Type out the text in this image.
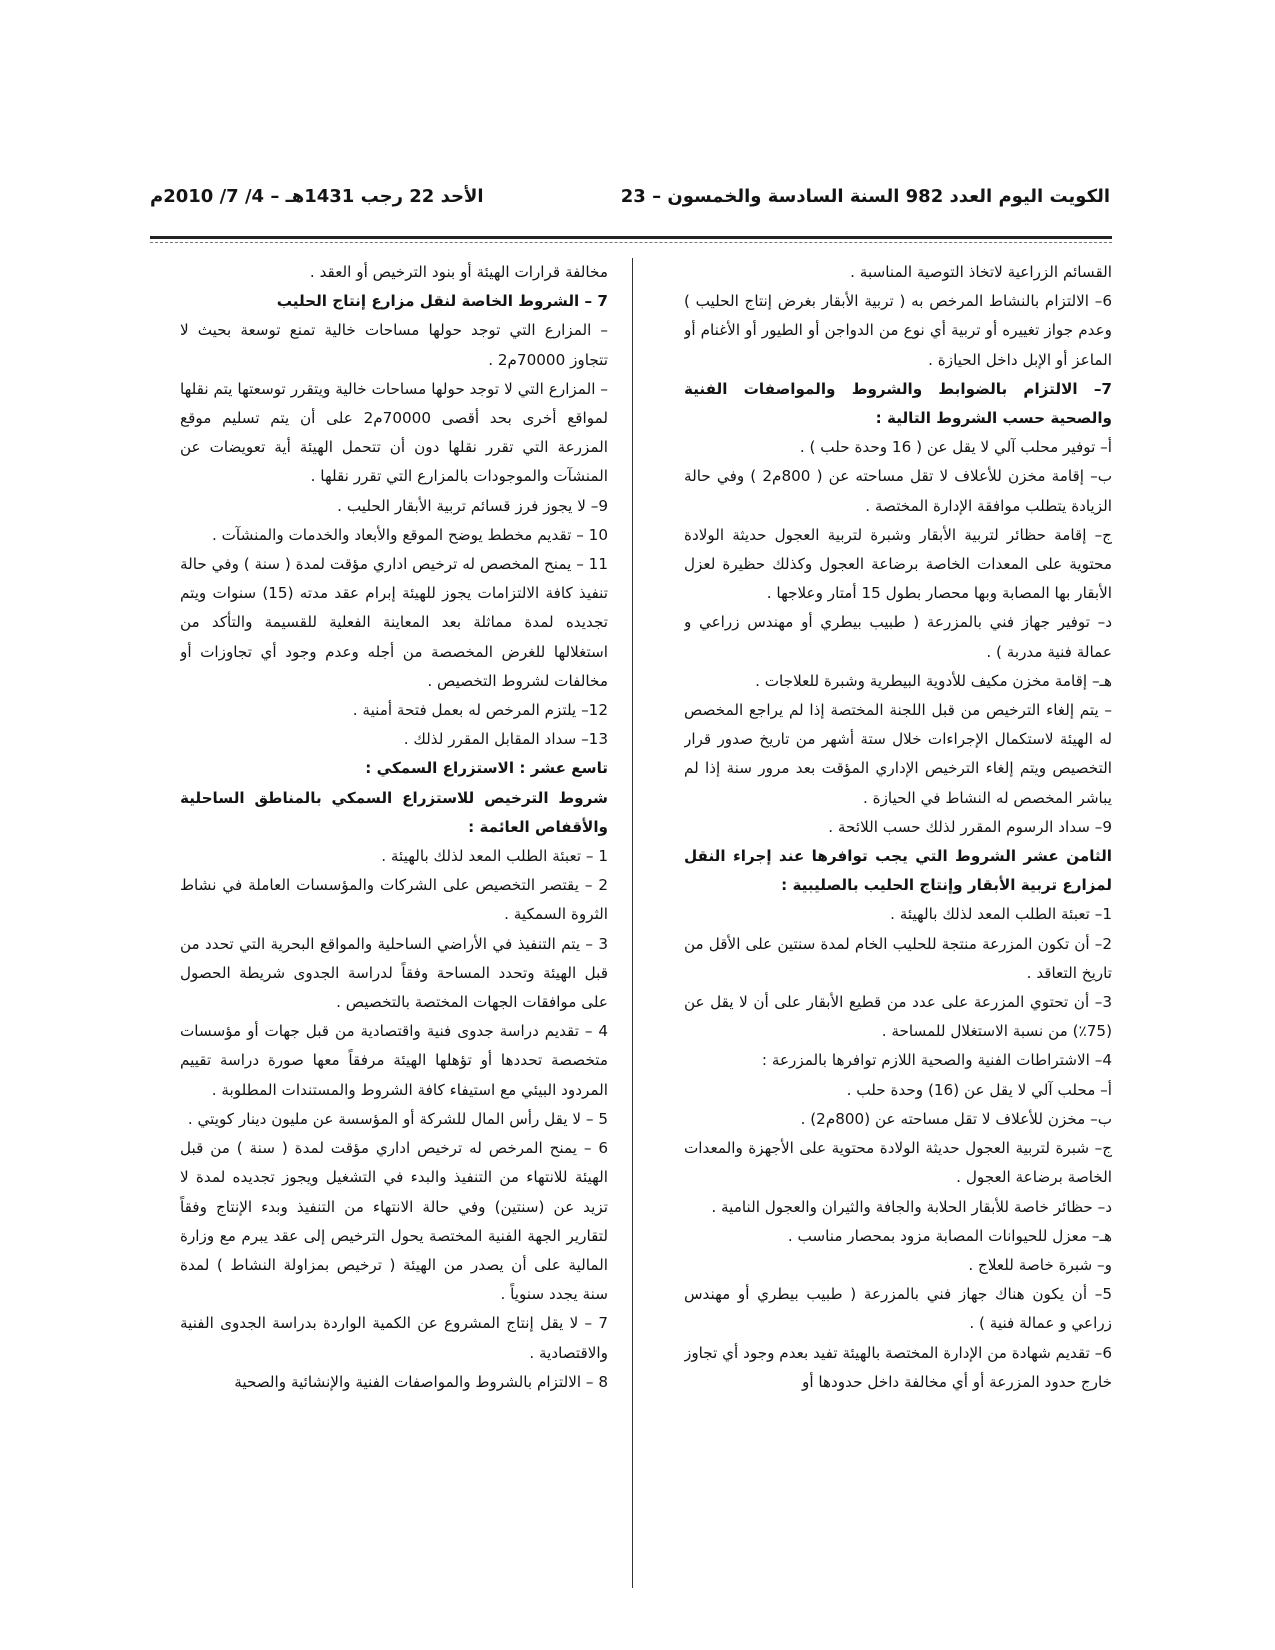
الكويت اليوم العدد 982 السنة السادسة والخمسون – 23
الأحد 22 رجب 1431هـ – 4/ 7/ 2010م

القسائم الزراعية لاتخاذ التوصية المناسبة .

6– الالتزام بالنشاط المرخص به ( تربية الأبقار بغرض إنتاج الحليب ) وعدم جواز تغييره أو تربية أي نوع من الدواجن أو الطيور أو الأغنام أو الماعز أو الإبل داخل الحيازة .

7– الالتزام بالضوابط والشروط والمواصفات الفنية والصحية حسب الشروط التالية :

أ– توفير محلب آلي لا يقل عن ( 16 وحدة حلب ) .

ب– إقامة مخزن للأعلاف لا تقل مساحته عن ( 800م2 ) وفي حالة الزيادة يتطلب موافقة الإدارة المختصة .

ج– إقامة حظائر لتربية الأبقار وشبرة لتربية العجول حديثة الولادة محتوية على المعدات الخاصة برضاعة العجول وكذلك حظيرة لعزل الأبقار بها المصابة وبها محصار بطول 15 أمتار وعلاجها .

د– توفير جهاز فني بالمزرعة ( طبيب بيطري أو مهندس زراعي و عمالة فنية مدربة ) .

هـ– إقامة مخزن مكيف للأدوية البيطرية وشبرة للعلاجات .

– يتم إلغاء الترخيص من قبل اللجنة المختصة إذا لم يراجع المخصص له الهيئة لاستكمال الإجراءات خلال ستة أشهر من تاريخ صدور قرار التخصيص ويتم إلغاء الترخيص الإداري المؤقت بعد مرور سنة إذا لم يباشر المخصص له النشاط في الحيازة .

9– سداد الرسوم المقرر لذلك حسب اللائحة .

الثامن عشر الشروط التي يجب توافرها عند إجراء النقل لمزارع تربية الأبقار وإنتاج الحليب بالصليبية :

1– تعبئة الطلب المعد لذلك بالهيئة .

2– أن تكون المزرعة منتجة للحليب الخام لمدة سنتين على الأقل من تاريخ التعاقد .

3– أن تحتوي المزرعة على عدد من قطيع الأبقار على أن لا يقل عن (75٪) من نسبة الاستغلال للمساحة .

4– الاشتراطات الفنية والصحية اللازم توافرها بالمزرعة :

أ– محلب آلي لا يقل عن (16) وحدة حلب .

ب– مخزن للأعلاف لا تقل مساحته عن (800م2) .

ج– شبرة لتربية العجول حديثة الولادة محتوية على الأجهزة والمعدات الخاصة برضاعة العجول .

د– حظائر خاصة للأبقار الحلابة والجافة والثيران والعجول النامية .

هـ– معزل للحيوانات المصابة مزود بمحصار مناسب .

و– شبرة خاصة للعلاج .

5– أن يكون هناك جهاز فني بالمزرعة ( طبيب بيطري أو مهندس زراعي و عمالة فنية ) .

6– تقديم شهادة من الإدارة المختصة بالهيئة تفيد بعدم وجود أي تجاوز خارج حدود المزرعة أو أي مخالفة داخل حدودها أو

مخالفة قرارات الهيئة أو بنود الترخيص أو العقد .

7 – الشروط الخاصة لنقل مزارع إنتاج الحليب

– المزارع التي توجد حولها مساحات خالية تمنع توسعة بحيث لا تتجاوز 70000م2 .

– المزارع التي لا توجد حولها مساحات خالية ويتقرر توسعتها يتم نقلها لمواقع أخرى بحد أقصى 70000م2 على أن يتم تسليم موقع المزرعة التي تقرر نقلها دون أن تتحمل الهيئة أية تعويضات عن المنشآت والموجودات بالمزارع التي تقرر نقلها .

9– لا يجوز فرز قسائم تربية الأبقار الحليب .

10 – تقديم مخطط يوضح الموقع والأبعاد والخدمات والمنشآت .

11 – يمنح المخصص له ترخيص اداري مؤقت لمدة ( سنة ) وفي حالة تنفيذ كافة الالتزامات يجوز للهيئة إبرام عقد مدته (15) سنوات ويتم تجديده لمدة مماثلة بعد المعاينة الفعلية للقسيمة والتأكد من استغلالها للغرض المخصصة من أجله وعدم وجود أي تجاوزات أو مخالفات لشروط التخصيص .

12– يلتزم المرخص له بعمل فتحة أمنية .

13– سداد المقابل المقرر لذلك .

تاسع عشر : الاستزراع السمكي :

شروط الترخيص للاستزراع السمكي بالمناطق الساحلية والأقفاص العائمة :

1 – تعبئة الطلب المعد لذلك بالهيئة .

2 – يقتصر التخصيص على الشركات والمؤسسات العاملة في نشاط الثروة السمكية .

3 – يتم التنفيذ في الأراضي الساحلية والمواقع البحرية التي تحدد من قبل الهيئة وتحدد المساحة وفقاً لدراسة الجدوى شريطة الحصول على موافقات الجهات المختصة بالتخصيص .

4 – تقديم دراسة جدوى فنية واقتصادية من قبل جهات أو مؤسسات متخصصة تحددها أو تؤهلها الهيئة مرفقاً معها صورة دراسة تقييم المردود البيئي مع استيفاء كافة الشروط والمستندات المطلوبة .

5 – لا يقل رأس المال للشركة أو المؤسسة عن مليون دينار كويتي .

6 – يمنح المرخص له ترخيص اداري مؤقت لمدة ( سنة ) من قبل الهيئة للانتهاء من التنفيذ والبدء في التشغيل ويجوز تجديده لمدة لا تزيد عن (سنتين) وفي حالة الانتهاء من التنفيذ وبدء الإنتاج وفقاً لتقارير الجهة الفنية المختصة يحول الترخيص إلى عقد يبرم مع وزارة المالية على أن يصدر من الهيئة ( ترخيص بمزاولة النشاط ) لمدة سنة يجدد سنوياً .

7 – لا يقل إنتاج المشروع عن الكمية الواردة بدراسة الجدوى الفنية والاقتصادية .

8 – الالتزام بالشروط والمواصفات الفنية والإنشائية والصحية
